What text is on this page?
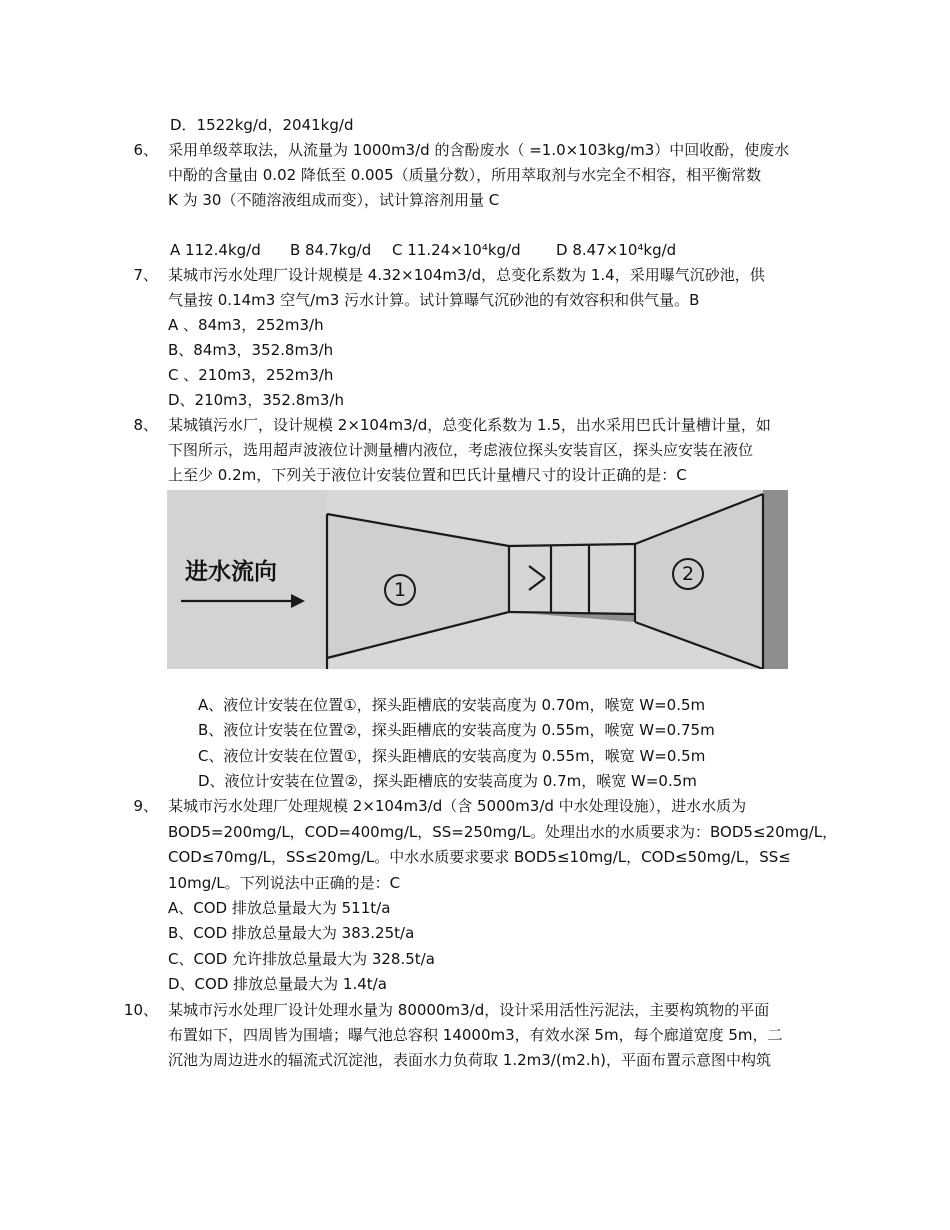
D．1522kg/d，2041kg/d
6、 采用单级萃取法，从流量为 1000m3/d 的含酚废水（ =1.0×103kg/m3）中回收酚，使废水
中酚的含量由 0.02 降低至 0.005（质量分数），所用萃取剂与水完全不相容，相平衡常数
K 为 30（不随溶液组成而变），试计算溶剂用量 C
A 112.4kg/d B 84.7kg/d C 11.24×10⁴kg/d D 8.47×10⁴kg/d
7、 某城市污水处理厂设计规模是 4.32×104m3/d，总变化系数为 1.4，采用曝气沉砂池，供
气量按 0.14m3 空气/m3 污水计算。试计算曝气沉砂池的有效容积和供气量。B
A 、84m3，252m3/h
B、84m3，352.8m3/h
C 、210m3，252m3/h
D、210m3，352.8m3/h
8、 某城镇污水厂，设计规模 2×104m3/d，总变化系数为 1.5，出水采用巴氏计量槽计量，如
下图所示，选用超声波液位计测量槽内液位，考虑液位探头安装盲区，探头应安装在液位
上至少 0.2m，下列关于液位计安装位置和巴氏计量槽尺寸的设计正确的是：C
进水流向
1
2
A、液位计安装在位置①，探头距槽底的安装高度为 0.70m，喉宽 W=0.5m
B、液位计安装在位置②，探头距槽底的安装高度为 0.55m，喉宽 W=0.75m
C、液位计安装在位置①，探头距槽底的安装高度为 0.55m，喉宽 W=0.5m
D、液位计安装在位置②，探头距槽底的安装高度为 0.7m，喉宽 W=0.5m
9、 某城市污水处理厂处理规模 2×104m3/d（含 5000m3/d 中水处理设施），进水水质为
BOD5=200mg/L，COD=400mg/L，SS=250mg/L。处理出水的水质要求为：BOD5≤20mg/L，
COD≤70mg/L，SS≤20mg/L。中水水质要求要求 BOD5≤10mg/L，COD≤50mg/L，SS≤
10mg/L。下列说法中正确的是：C
A、COD 排放总量最大为 511t/a
B、COD 排放总量最大为 383.25t/a
C、COD 允许排放总量最大为 328.5t/a
D、COD 排放总量最大为 1.4t/a
10、 某城市污水处理厂设计处理水量为 80000m3/d，设计采用活性污泥法，主要构筑物的平面
布置如下，四周皆为围墙；曝气池总容积 14000m3，有效水深 5m，每个廊道宽度 5m，二
沉池为周边进水的辐流式沉淀池，表面水力负荷取 1.2m3/(m2.h)，平面布置示意图中构筑
